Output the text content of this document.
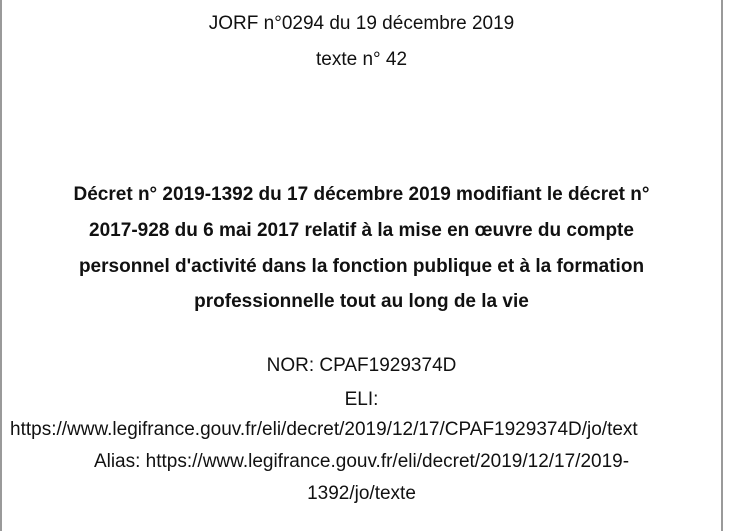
JORF n°0294 du 19 décembre 2019
texte n° 42
Décret n° 2019-1392 du 17 décembre 2019 modifiant le décret n°
2017-928 du 6 mai 2017 relatif à la mise en œuvre du compte
personnel d'activité dans la fonction publique et à la formation
professionnelle tout au long de la vie
NOR: CPAF1929374D
ELI:
https://www.legifrance.gouv.fr/eli/decret/2019/12/17/CPAF1929374D/jo/text
Alias: https://www.legifrance.gouv.fr/eli/decret/2019/12/17/2019-
1392/jo/texte
